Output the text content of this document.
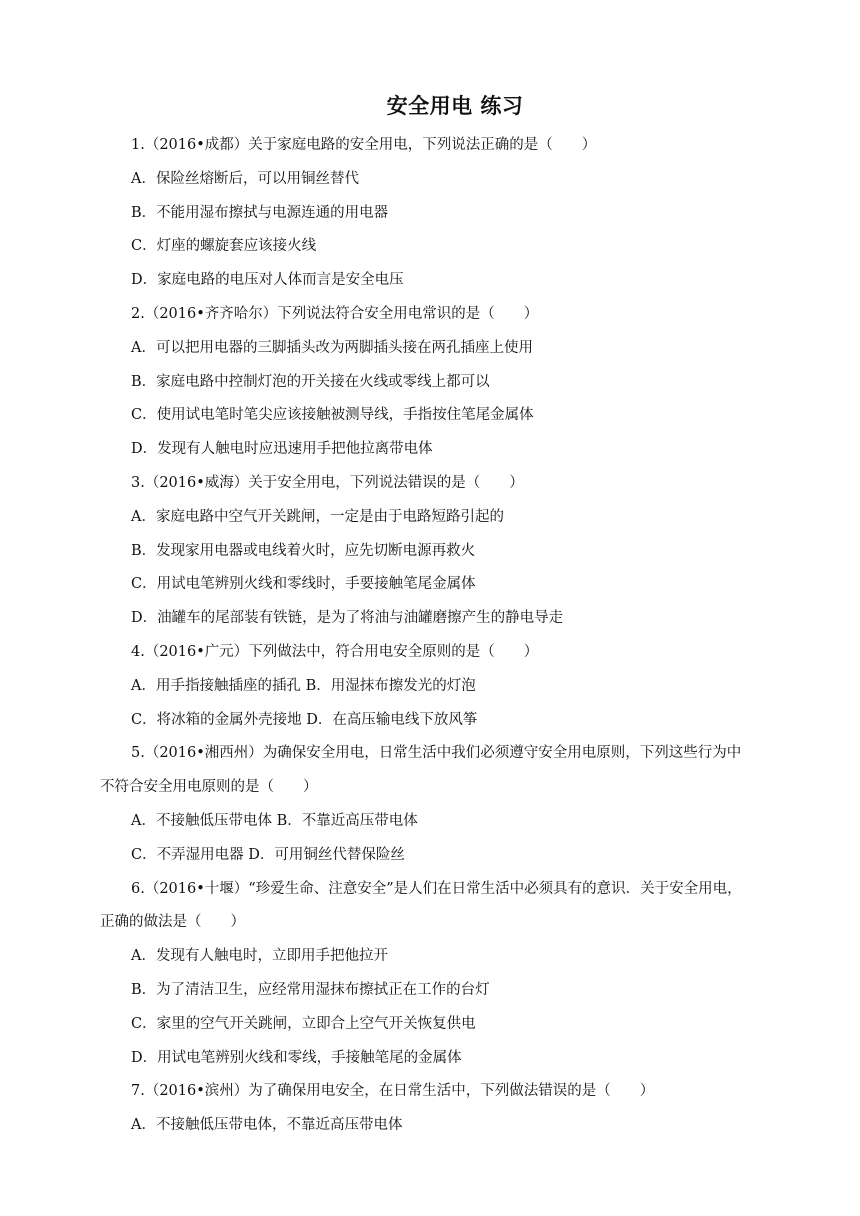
安全用电 练习
1.（2016•成都）关于家庭电路的安全用电，下列说法正确的是（　　）
A．保险丝熔断后，可以用铜丝替代
B．不能用湿布擦拭与电源连通的用电器
C．灯座的螺旋套应该接火线
D．家庭电路的电压对人体而言是安全电压
2.（2016•齐齐哈尔）下列说法符合安全用电常识的是（　　）
A．可以把用电器的三脚插头改为两脚插头接在两孔插座上使用
B．家庭电路中控制灯泡的开关接在火线或零线上都可以
C．使用试电笔时笔尖应该接触被测导线，手指按住笔尾金属体
D．发现有人触电时应迅速用手把他拉离带电体
3.（2016•威海）关于安全用电，下列说法错误的是（　　）
A．家庭电路中空气开关跳闸，一定是由于电路短路引起的
B．发现家用电器或电线着火时，应先切断电源再救火
C．用试电笔辨别火线和零线时，手要接触笔尾金属体
D．油罐车的尾部装有铁链，是为了将油与油罐磨擦产生的静电导走
4.（2016•广元）下列做法中，符合用电安全原则的是（　　）
A．用手指接触插座的插孔 B．用湿抹布擦发光的灯泡
C．将冰箱的金属外壳接地 D．在高压输电线下放风筝
5.（2016•湘西州）为确保安全用电，日常生活中我们必须遵守安全用电原则，下列这些行为中
不符合安全用电原则的是（　　）
A．不接触低压带电体 B．不靠近高压带电体
C．不弄湿用电器 D．可用铜丝代替保险丝
6.（2016•十堰）“珍爱生命、注意安全”是人们在日常生活中必须具有的意识．关于安全用电，
正确的做法是（　　）
A．发现有人触电时，立即用手把他拉开
B．为了清洁卫生，应经常用湿抹布擦拭正在工作的台灯
C．家里的空气开关跳闸，立即合上空气开关恢复供电
D．用试电笔辨别火线和零线，手接触笔尾的金属体
7.（2016•滨州）为了确保用电安全，在日常生活中，下列做法错误的是（　　）
A．不接触低压带电体，不靠近高压带电体
